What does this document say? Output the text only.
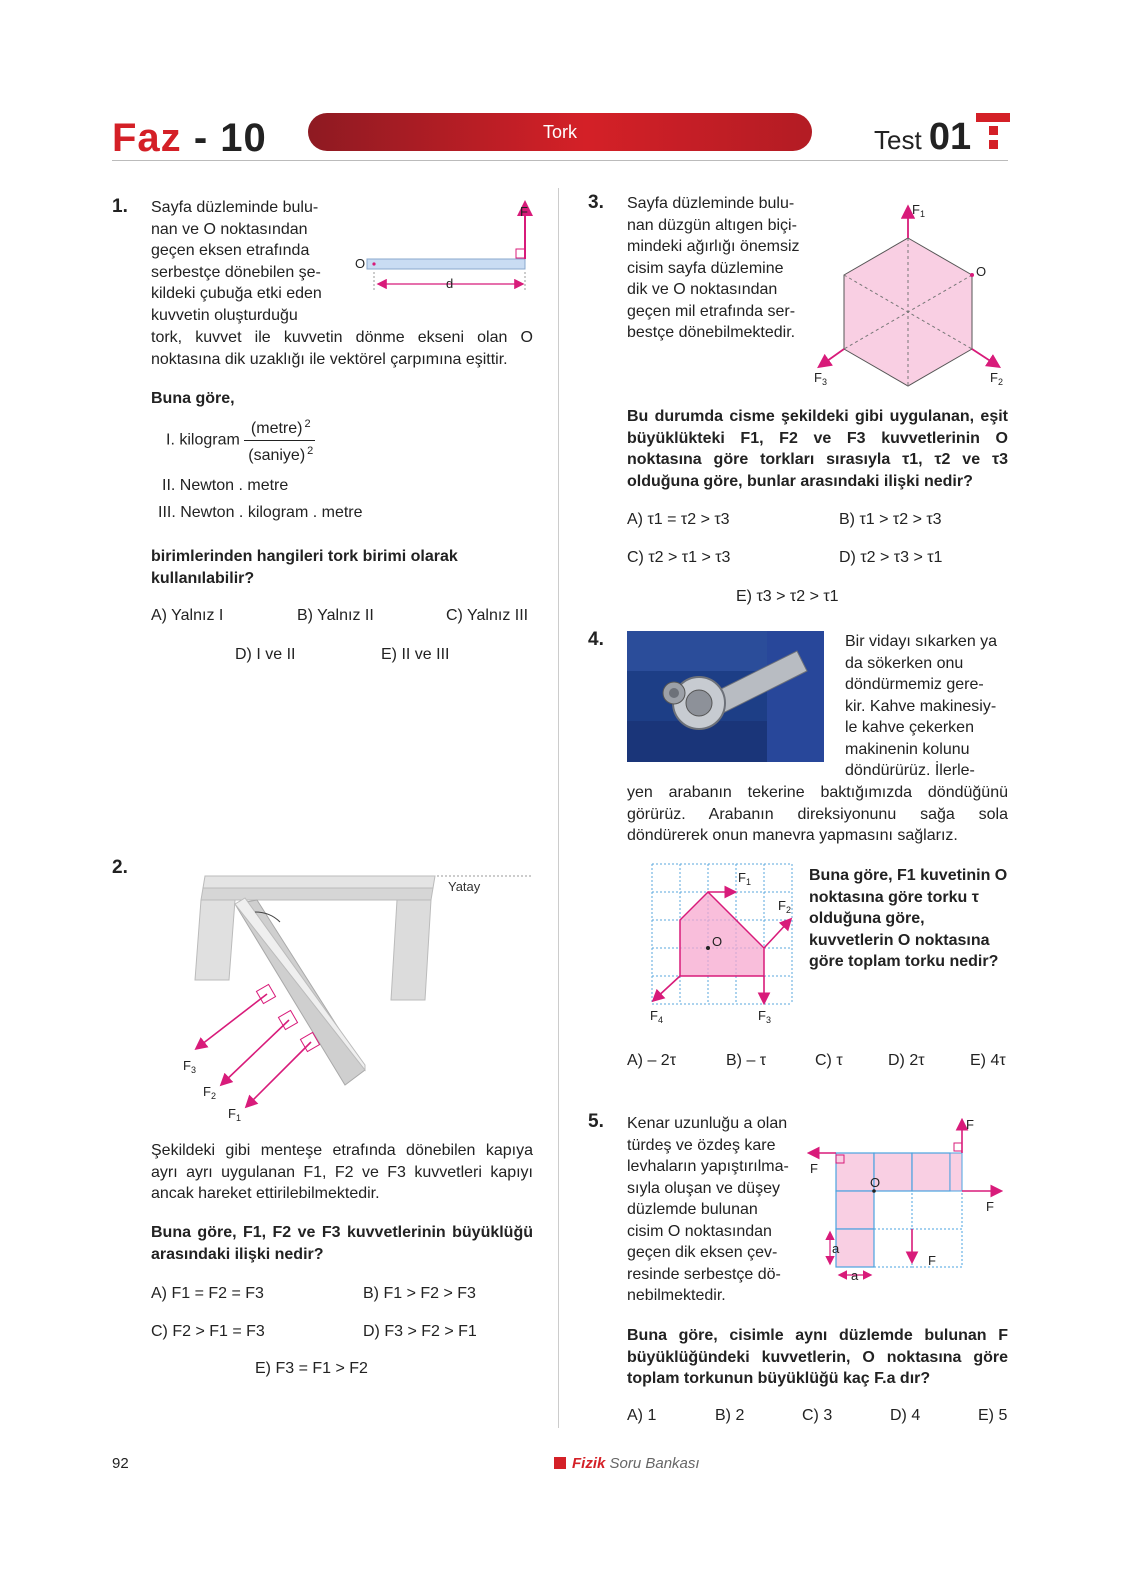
Faz - 10	Tork	Test 01
1. Sayfa düzleminde bulu-
nan ve O noktasından
geçen eksen etrafında
serbestçe dönebilen şe-
kildeki çubuğa etki eden
kuvvetin oluşturduğu
tork, kuvvet ile kuvvetin dönme ekseni olan O noktasına dik uzaklığı ile vektörel çarpımına eşittir.
O
F
d
Buna göre,
I. kilogram $\frac{(metre) ^2}{(saniye) ^2}$
II. Newton . metre
III. Newton . kilogram . metre
birimlerinden hangileri tork birimi olarak kullanılabilir?
A) Yalnız I	B) Yalnız II	C) Yalnız III
D) I ve II	E) II ve III
2.
Yatay
$F_3$
$F_2$
$F_1$
Şekildeki gibi menteşe etrafında dönebilen kapıya ayrı ayrı uygulanan F1, F2 ve F3 kuvvetleri kapıyı ancak hareket ettirilebilmektedir.
Buna göre, F1, F2 ve F3 kuvvetlerinin büyüklüğü arasındaki ilişki nedir?
A) F1 = F2 = F3	B) F1 > F2 > F3
C) F2 > F1 = F3	D) F3 > F2 > F1
E) F3 = F1 > F2
3. Sayfa düzleminde bulu-
nan düzgün altıgen biçi-
mindeki ağırlığı önemsiz
cisim sayfa düzlemine
dik ve O noktasından
geçen mil etrafında ser-
bestçe dönebilmektedir.
O
$F_1$
$F_2$
$F_3$
Bu durumda cisme şekildeki gibi uygulanan, eşit büyüklükteki F1, F2 ve F3 kuvvetlerinin O noktasına göre torkları sırasıyla τ1, τ2 ve τ3 olduğuna göre, bunlar arasındaki ilişki nedir?
A) τ1 = τ2 > τ3	B) τ1 > τ2 > τ3
C) τ2 > τ1 > τ3	D) τ2 > τ3 > τ1
E) τ3 > τ2 > τ1
4.	Bir vidayı sıkarken ya
da sökerken onu
döndürmemiz gere-
kir. Kahve makinesiy-
le kahve çekerken
makinenin kolunu
döndürürüz. İlerle-
yen arabanın tekerine baktığımızda döndüğünü görürüz. Arabanın direksiyonunu sağa sola döndürerek onun manevra yapmasını sağlarız.
O
$F_1$
$F_2$
$F_3$
$F_4$
Buna göre, F1 kuvetinin O noktasına göre torku τ olduğuna göre, kuvvetlerin O noktasına göre toplam torku nedir?
A) – 2τ	B) – τ	C) τ	D) 2τ	E) 4τ
5. Kenar uzunluğu a olan
türdeş ve özdeş kare
levhaların yapıştırılma-
sıyla oluşan ve düşey
düzlemde bulunan
cisim O noktasından
geçen dik eksen çev-
resinde serbestçe dö-
nebilmektedir.
O
F
F
F
F
a
a
Buna göre, cisimle aynı düzlemde bulunan F büyüklüğündeki kuvvetlerin, O noktasına göre toplam torkunun büyüklüğü kaç F.a dır?
A) 1	B) 2	C) 3	D) 4	E) 5
92	Fizik Soru Bankası
